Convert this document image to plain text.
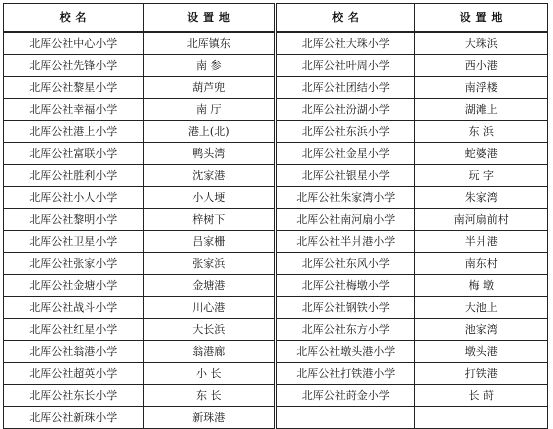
校 名	设 置 地	校 名	设 置 地
北厍公社中心小学	北厍镇东	北厍公社大珠小学	大珠浜
北厍公社先锋小学	南 参	北厍公社叶周小学	西小港
北厍公社黎星小学	葫芦兜	北厍公社团结小学	南浮楼
北厍公社幸福小学	南 厅	北厍公社汾湖小学	湖滩上
北厍公社港上小学	港上(北)	北厍公社东浜小学	东 浜
北厍公社富联小学	鸭头湾	北厍公社金星小学	蛇婆港
北厍公社胜利小学	沈家港	北厍公社银星小学	玩 字
北厍公社小人小学	小人埂	北厍公社朱家湾小学	朱家湾
北厍公社黎明小学	梓树下	北厍公社南河扇小学	南河扇前村
北厍公社卫星小学	吕家栅	北厍公社半爿港小学	半爿港
北厍公社张家小学	张家浜	北厍公社东风小学	南东村
北厍公社金塘小学	金塘港	北厍公社梅墩小学	梅 墩
北厍公社战斗小学	川心港	北厍公社钢铁小学	大池上
北厍公社红星小学	大长浜	北厍公社东方小学	池家湾
北厍公社翁港小学	翁港廊	北厍公社墩头港小学	墩头港
北厍公社超英小学	小 长	北厍公社打铁港小学	打铁港
北厍公社东长小学	东 长	北厍公社莳金小学	长 莳
北厍公社新珠小学	新珠港		
